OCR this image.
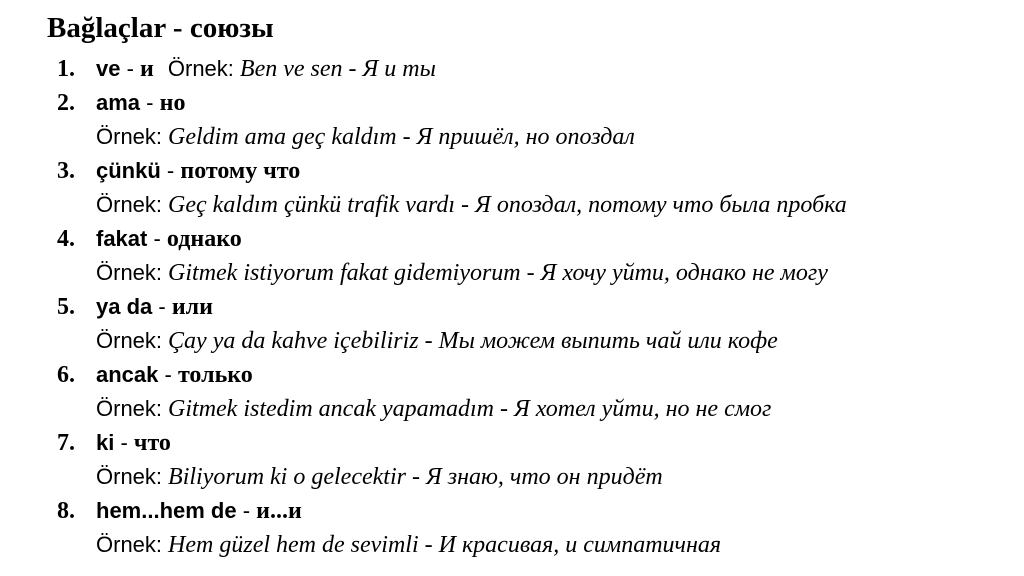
Bağlaçlar - союзы
1. ve - и Örnek: Ben ve sen - Я и ты
2. ama - но
Örnek: Geldim ama geç kaldım - Я пришёл, но опоздал
3. çünkü - потому что
Örnek: Geç kaldım çünkü trafik vardı - Я опоздал, потому что была пробка
4. fakat - однако
Örnek: Gitmek istiyorum fakat gidemiyorum - Я хочу уйти, однако не могу
5. ya da - или
Örnek: Çay ya da kahve içebiliriz - Мы можем выпить чай или кофе
6. ancak - только
Örnek: Gitmek istedim ancak yapamadım - Я хотел уйти, но не смог
7. ki - что
Örnek: Biliyorum ki o gelecektir - Я знаю, что он придёт
8. hem...hem de - и...и
Örnek: Hem güzel hem de sevimli - И красивая, и симпатичная
